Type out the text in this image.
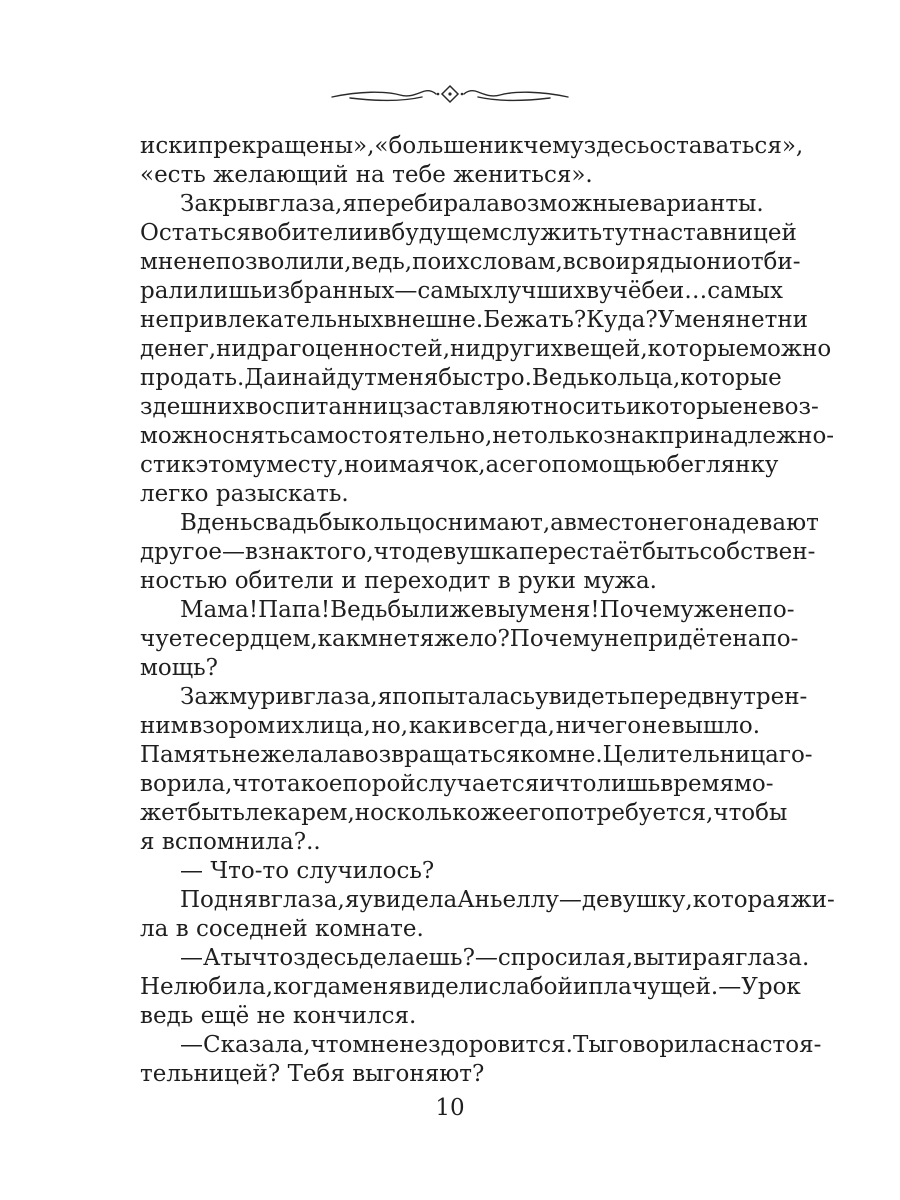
иски прекращены», «больше ни к чему здесь оставаться»,
«есть желающий на тебе жениться».
Закрыв глаза, я перебирала возможные варианты.
Остаться в обители и в будущем служить тут наставницей
мне не позволили, ведь, по их словам, в свои ряды они отби-
рали лишь избранных — самых лучших в учёбе и… самых
непривлекательных внешне. Бежать? Куда? У меня нет ни
денег, ни драгоценностей, ни других вещей, которые можно
продать. Да и найдут меня быстро. Ведь кольца, которые
здешних воспитанниц заставляют носить и которые невоз-
можно снять самостоятельно, не только знак принадлежно-
сти к этому месту, но и маячок, а с его помощью беглянку
легко разыскать.
В день свадьбы кольцо снимают, а вместо него надевают
другое — в знак того, что девушка перестаёт быть собствен-
ностью обители и переходит в руки мужа.
Мама! Папа! Ведь были же вы у меня! Почему же не по-
чуете сердцем, как мне тяжело? Почему не придёте на по-
мощь?
Зажмурив глаза, я попыталась увидеть перед внутрен-
ним взором их лица, но, как и всегда, ничего не вышло.
Память не желала возвращаться ко мне. Целительница го-
ворила, что такое порой случается и что лишь время мо-
жет быть лекарем, но сколько же его потребуется, чтобы
я вспомнила?..
— Что-то случилось?
Подняв глаза, я увидела Аньеллу — девушку, которая жи-
ла в соседней комнате.
— А ты что здесь делаешь? — спросила я, вытирая глаза.
Не любила, когда меня видели слабой и плачущей. — Урок
ведь ещё не кончился.
— Сказала, что мне нездоровится. Ты говорила с настоя-
тельницей? Тебя выгоняют?
10
